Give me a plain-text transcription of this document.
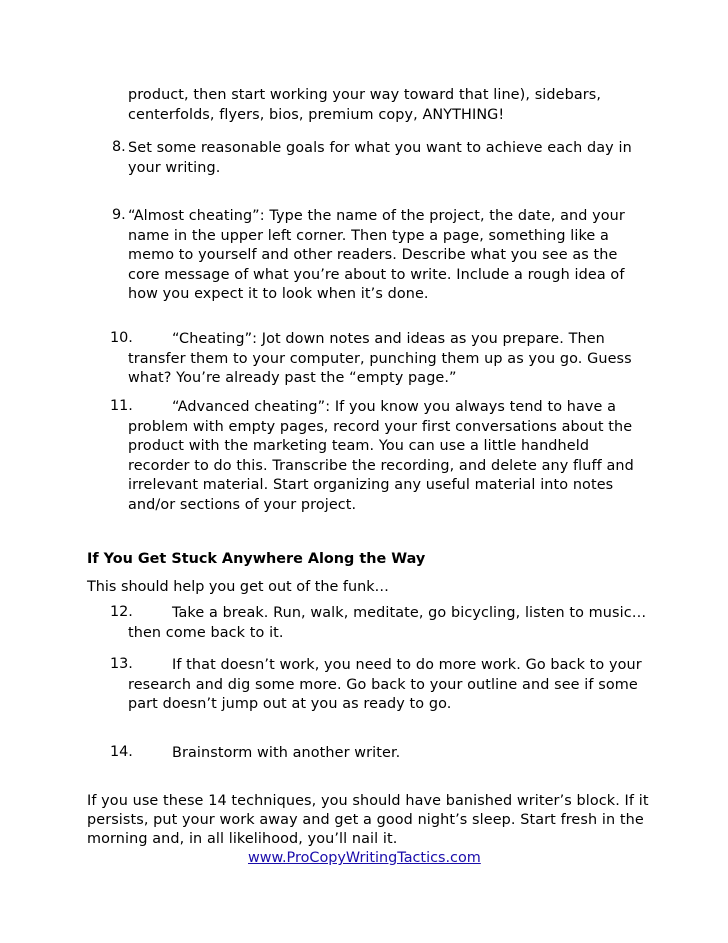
product, then start working your way toward that line), sidebars,
centerfolds, flyers, bios, premium copy, ANYTHING!
8. Set some reasonable goals for what you want to achieve each day in
your writing.
9. “Almost cheating”: Type the name of the project, the date, and your
name in the upper left corner. Then type a page, something like a
memo to yourself and other readers. Describe what you see as the
core message of what you’re about to write. Include a rough idea of
how you expect it to look when it’s done.
10.	“Cheating”: Jot down notes and ideas as you prepare. Then
transfer them to your computer, punching them up as you go. Guess
what? You’re already past the “empty page.”
11.	“Advanced cheating”: If you know you always tend to have a
problem with empty pages, record your first conversations about the
product with the marketing team. You can use a little handheld
recorder to do this. Transcribe the recording, and delete any fluff and
irrelevant material. Start organizing any useful material into notes
and/or sections of your project.
If You Get Stuck Anywhere Along the Way
This should help you get out of the funk…
12.	Take a break. Run, walk, meditate, go bicycling, listen to music…
then come back to it.
13.	If that doesn’t work, you need to do more work. Go back to your
research and dig some more. Go back to your outline and see if some
part doesn’t jump out at you as ready to go.
14.	Brainstorm with another writer.
If you use these 14 techniques, you should have banished writer’s block. If it
persists, put your work away and get a good night’s sleep. Start fresh in the
morning and, in all likelihood, you’ll nail it.
www.ProCopyWritingTactics.com
